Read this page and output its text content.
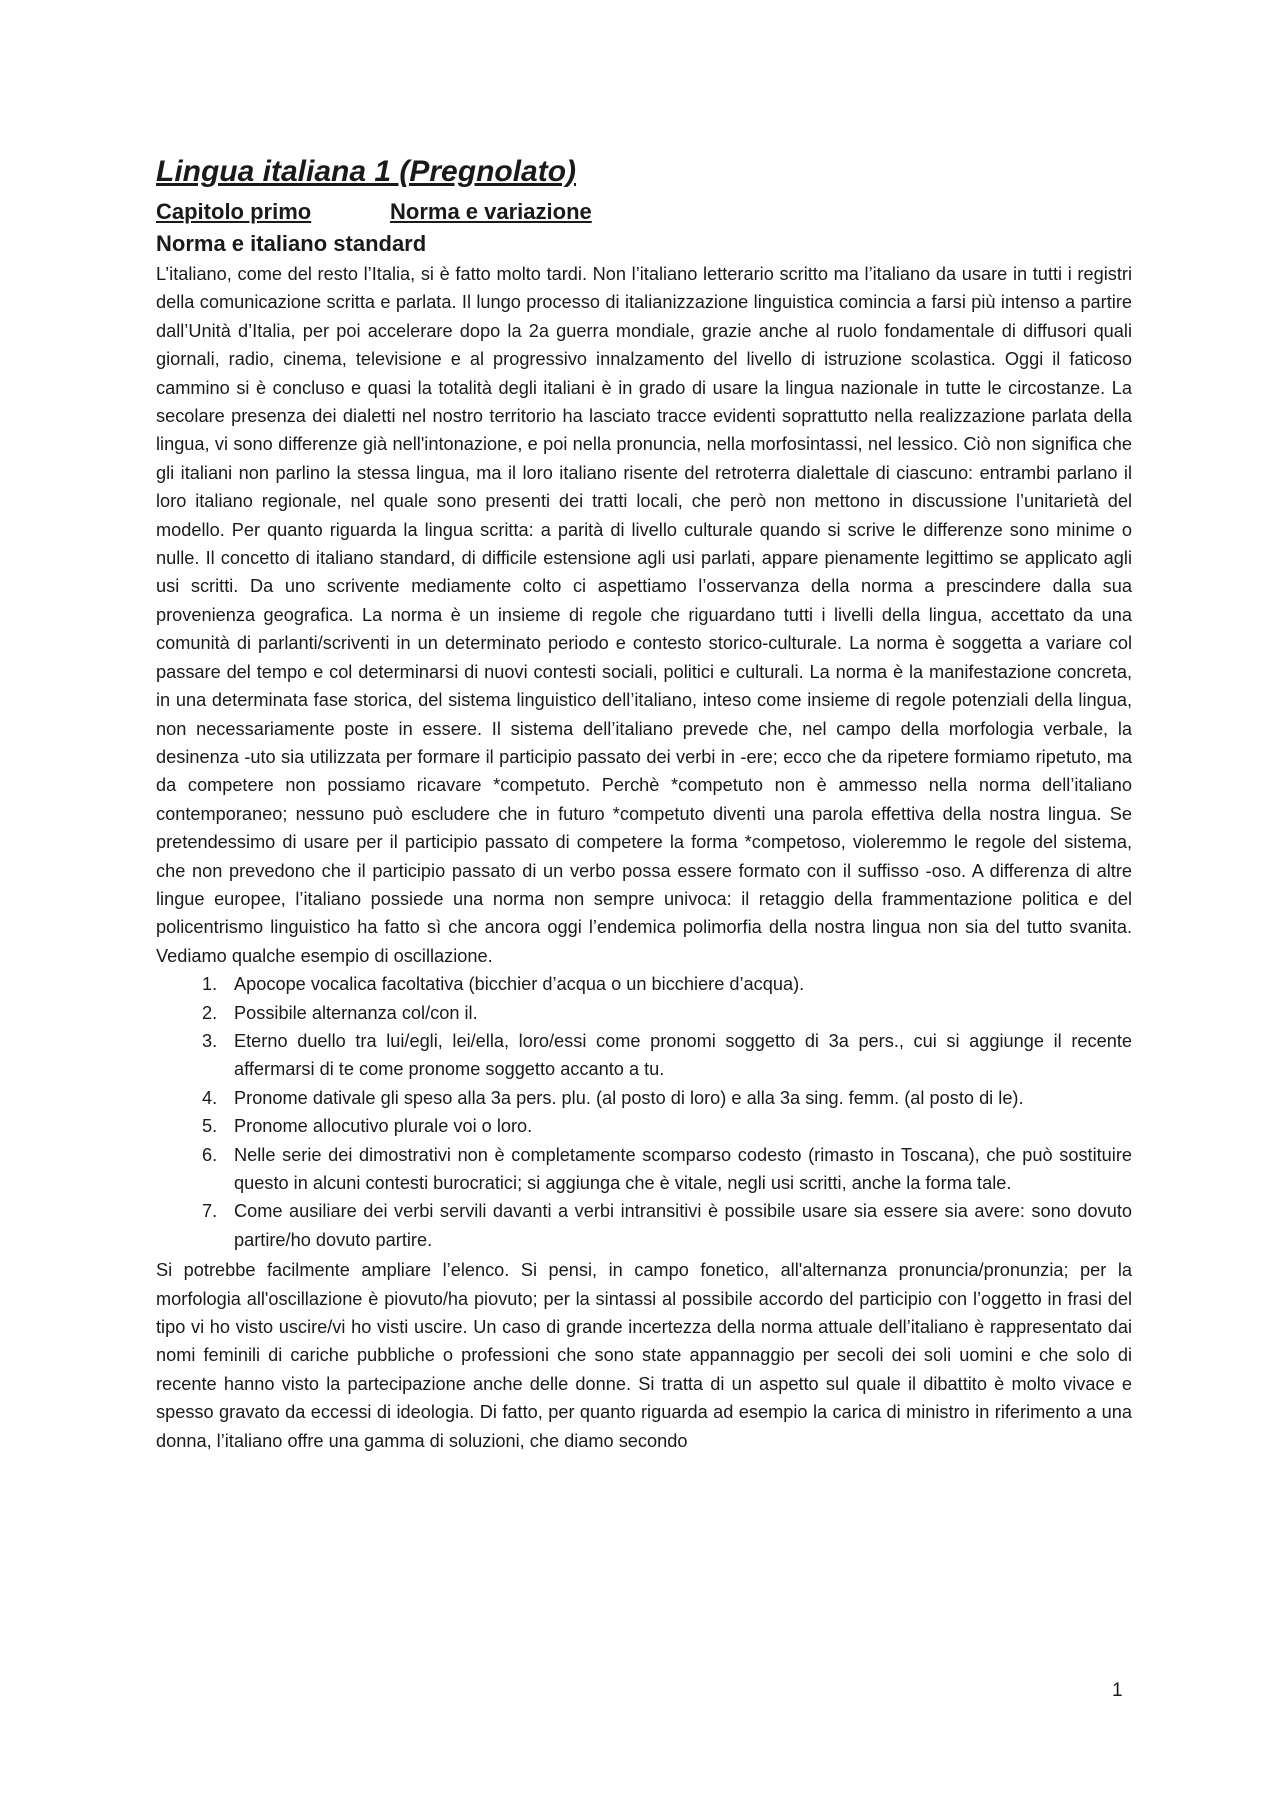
Lingua italiana 1 (Pregnolato)
Capitolo primo	Norma e variazione
Norma e italiano standard

L’italiano, come del resto l’Italia, si è fatto molto tardi. Non l’italiano letterario scritto ma l’italiano da usare in tutti i registri della comunicazione scritta e parlata. Il lungo processo di italianizzazione linguistica comincia a farsi più intenso a partire dall’Unità d’Italia, per poi accelerare dopo la 2a guerra mondiale, grazie anche al ruolo fondamentale di diffusori quali giornali, radio, cinema, televisione e al progressivo innalzamento del livello di istruzione scolastica. Oggi il faticoso cammino si è concluso e quasi la totalità degli italiani è in grado di usare la lingua nazionale in tutte le circostanze. La secolare presenza dei dialetti nel nostro territorio ha lasciato tracce evidenti soprattutto nella realizzazione parlata della lingua, vi sono differenze già nell'intonazione, e poi nella pronuncia, nella morfosintassi, nel lessico. Ciò non significa che gli italiani non parlino la stessa lingua, ma il loro italiano risente del retroterra dialettale di ciascuno: entrambi parlano il loro italiano regionale, nel quale sono presenti dei tratti locali, che però non mettono in discussione l’unitarietà del modello. Per quanto riguarda la lingua scritta: a parità di livello culturale quando si scrive le differenze sono minime o nulle. Il concetto di italiano standard, di difficile estensione agli usi parlati, appare pienamente legittimo se applicato agli usi scritti. Da uno scrivente mediamente colto ci aspettiamo l’osservanza della norma a prescindere dalla sua provenienza geografica. La norma è un insieme di regole che riguardano tutti i livelli della lingua, accettato da una comunità di parlanti/scriventi in un determinato periodo e contesto storico-culturale. La norma è soggetta a variare col passare del tempo e col determinarsi di nuovi contesti sociali, politici e culturali. La norma è la manifestazione concreta, in una determinata fase storica, del sistema linguistico dell’italiano, inteso come insieme di regole potenziali della lingua, non necessariamente poste in essere. Il sistema dell’italiano prevede che, nel campo della morfologia verbale, la desinenza -uto sia utilizzata per formare il participio passato dei verbi in -ere; ecco che da ripetere formiamo ripetuto, ma da competere non possiamo ricavare *competuto. Perchè *competuto non è ammesso nella norma dell’italiano contemporaneo; nessuno può escludere che in futuro *competuto diventi una parola effettiva della nostra lingua. Se pretendessimo di usare per il participio passato di competere la forma *competoso, violeremmo le regole del sistema, che non prevedono che il participio passato di un verbo possa essere formato con il suffisso -oso. A differenza di altre lingue europee, l’italiano possiede una norma non sempre univoca: il retaggio della frammentazione politica e del policentrismo linguistico ha fatto sì che ancora oggi l’endemica polimorfia della nostra lingua non sia del tutto svanita. Vediamo qualche esempio di oscillazione.

1. Apocope vocalica facoltativa (bicchier d’acqua o un bicchiere d’acqua).
2. Possibile alternanza col/con il.
3. Eterno duello tra lui/egli, lei/ella, loro/essi come pronomi soggetto di 3a pers., cui si aggiunge il recente affermarsi di te come pronome soggetto accanto a tu.
4. Pronome dativale gli speso alla 3a pers. plu. (al posto di loro) e alla 3a sing. femm. (al posto di le).
5. Pronome allocutivo plurale voi o loro.
6. Nelle serie dei dimostrativi non è completamente scomparso codesto (rimasto in Toscana), che può sostituire questo in alcuni contesti burocratici; si aggiunga che è vitale, negli usi scritti, anche la forma tale.
7. Come ausiliare dei verbi servili davanti a verbi intransitivi è possibile usare sia essere sia avere: sono dovuto partire/ho dovuto partire.

Si potrebbe facilmente ampliare l’elenco. Si pensi, in campo fonetico, all'alternanza pronuncia/pronunzia; per la morfologia all'oscillazione è piovuto/ha piovuto; per la sintassi al possibile accordo del participio con l’oggetto in frasi del tipo vi ho visto uscire/vi ho visti uscire. Un caso di grande incertezza della norma attuale dell’italiano è rappresentato dai nomi feminili di cariche pubbliche o professioni che sono state appannaggio per secoli dei soli uomini e che solo di recente hanno visto la partecipazione anche delle donne. Si tratta di un aspetto sul quale il dibattito è molto vivace e spesso gravato da eccessi di ideologia. Di fatto, per quanto riguarda ad esempio la carica di ministro in riferimento a una donna, l’italiano offre una gamma di soluzioni, che diamo secondo

1
